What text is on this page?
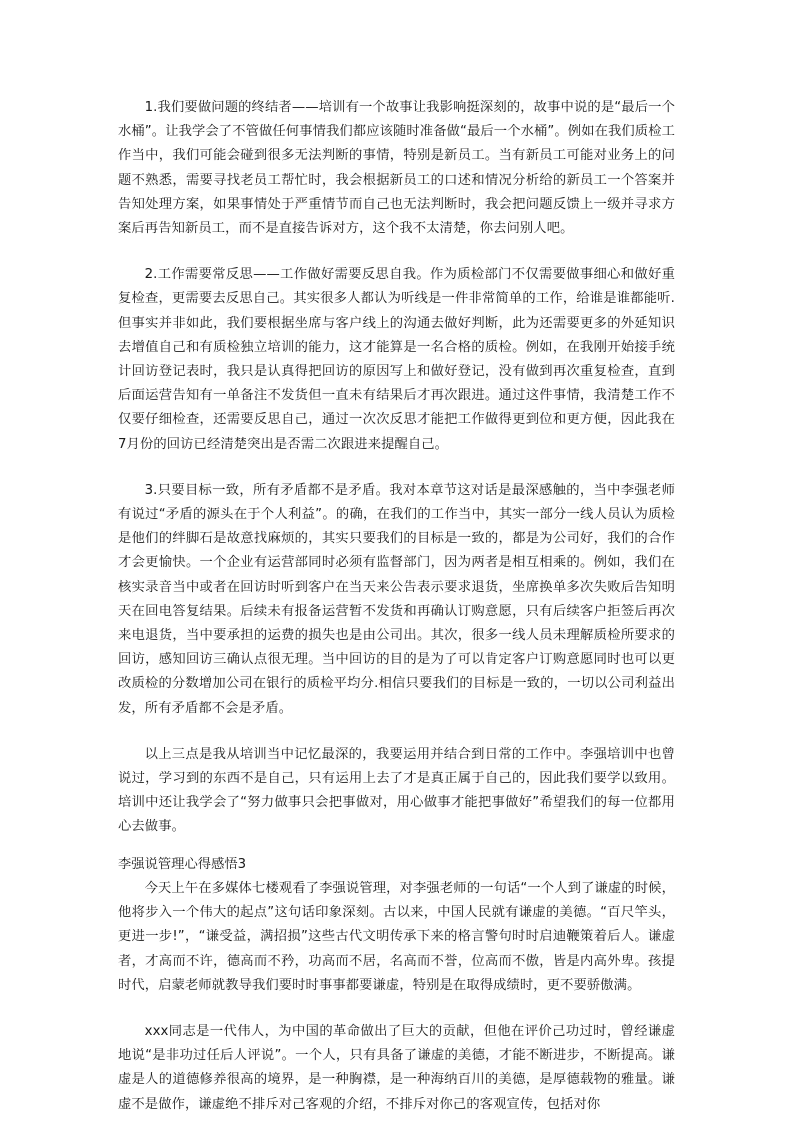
1.我们要做问题的终结者——培训有一个故事让我影响挺深刻的，故事中说的是“最后一个水桶”。让我学会了不管做任何事情我们都应该随时准备做“最后一个水桶”。例如在我们质检工作当中，我们可能会碰到很多无法判断的事情，特别是新员工。当有新员工可能对业务上的问题不熟悉，需要寻找老员工帮忙时，我会根据新员工的口述和情况分析给的新员工一个答案并告知处理方案，如果事情处于严重情节而自己也无法判断时，我会把问题反馈上一级并寻求方案后再告知新员工，而不是直接告诉对方，这个我不太清楚，你去问别人吧。

2.工作需要常反思——工作做好需要反思自我。作为质检部门不仅需要做事细心和做好重复检查，更需要去反思自己。其实很多人都认为听线是一件非常简单的工作，给谁是谁都能听.但事实并非如此，我们要根据坐席与客户线上的沟通去做好判断，此为还需要更多的外延知识去增值自己和有质检独立培训的能力，这才能算是一名合格的质检。例如，在我刚开始接手统计回访登记表时，我只是认真得把回访的原因写上和做好登记，没有做到再次重复检查，直到后面运营告知有一单备注不发货但一直未有结果后才再次跟进。通过这件事情，我清楚工作不仅要仔细检查，还需要反思自己，通过一次次反思才能把工作做得更到位和更方便，因此我在7月份的回访已经清楚突出是否需二次跟进来提醒自己。

3.只要目标一致，所有矛盾都不是矛盾。我对本章节这对话是最深感触的，当中李强老师有说过“矛盾的源头在于个人利益”。的确，在我们的工作当中，其实一部分一线人员认为质检是他们的绊脚石是故意找麻烦的，其实只要我们的目标是一致的，都是为公司好，我们的合作才会更愉快。一个企业有运营部同时必须有监督部门，因为两者是相互相乘的。例如，我们在核实录音当中或者在回访时听到客户在当天来公告表示要求退货，坐席换单多次失败后告知明天在回电答复结果。后续未有报备运营暂不发货和再确认订购意愿，只有后续客户拒签后再次来电退货，当中要承担的运费的损失也是由公司出。其次，很多一线人员未理解质检所要求的回访，感知回访三确认点很无理。当中回访的目的是为了可以肯定客户订购意愿同时也可以更改质检的分数增加公司在银行的质检平均分.相信只要我们的目标是一致的，一切以公司利益出发，所有矛盾都不会是矛盾。

以上三点是我从培训当中记忆最深的，我要运用并结合到日常的工作中。李强培训中也曾说过，学习到的东西不是自己，只有运用上去了才是真正属于自己的，因此我们要学以致用。培训中还让我学会了“努力做事只会把事做对，用心做事才能把事做好”希望我们的每一位都用心去做事。

李强说管理心得感悟3

今天上午在多媒体七楼观看了李强说管理，对李强老师的一句话“一个人到了谦虚的时候，他将步入一个伟大的起点”这句话印象深刻。古以来，中国人民就有谦虚的美德。“百尺竿头，更进一步!”，“谦受益，满招损”这些古代文明传承下来的格言警句时时启迪鞭策着后人。谦虚者，才高而不许，德高而不矜，功高而不居，名高而不誉，位高而不傲，皆是内高外卑。孩提时代，启蒙老师就教导我们要时时事事都要谦虚，特别是在取得成绩时，更不要骄傲满。

xxx同志是一代伟人，为中国的革命做出了巨大的贡献，但他在评价己功过时，曾经谦虚地说“是非功过任后人评说”。一个人，只有具备了谦虚的美德，才能不断进步，不断提高。谦虚是人的道德修养很高的境界，是一种胸襟，是一种海纳百川的美德，是厚德载物的雅量。谦虚不是做作，谦虚绝不排斥对己客观的介绍，不排斥对你己的客观宣传，包括对你
